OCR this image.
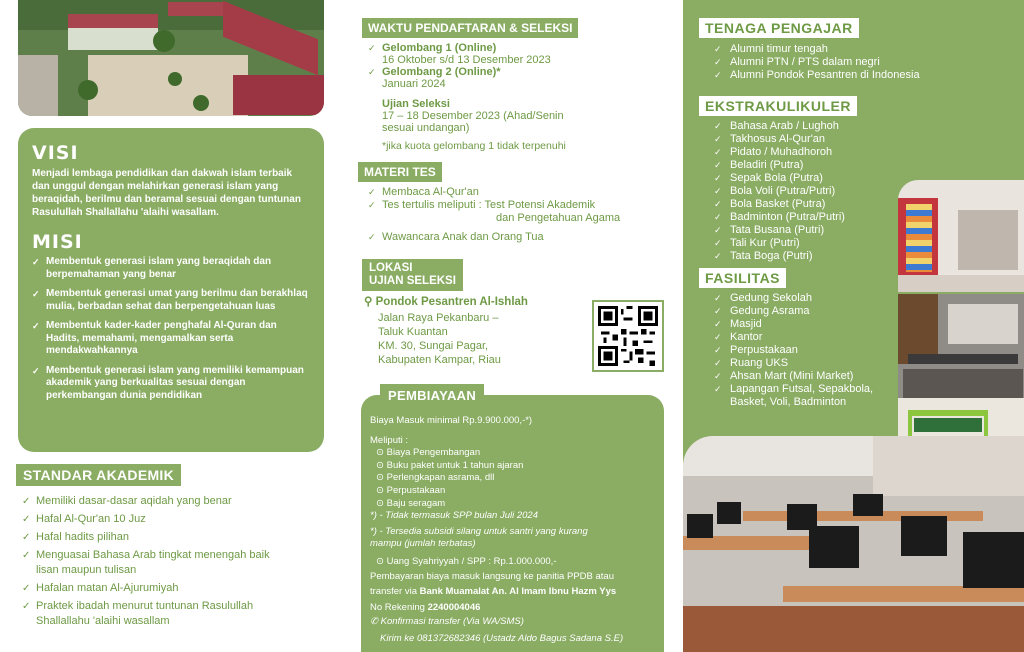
VISI
Menjadi lembaga pendidikan dan dakwah islam terbaik dan unggul dengan melahirkan generasi islam yang beraqidah, berilmu dan beramal sesuai dengan tuntunan Rasulullah Shallallahu 'alaihi wasallam.
MISI
✓ Membentuk generasi islam yang beraqidah dan berpemahaman yang benar
✓ Membentuk generasi umat yang berilmu dan berakhlaq mulia, berbadan sehat dan berpengetahuan luas
✓ Membentuk kader-kader penghafal Al-Quran dan Hadits, memahami, mengamalkan serta mendakwahkannya
✓ Membentuk generasi islam yang memiliki kemampuan akademik yang berkualitas sesuai dengan perkembangan dunia pendidikan
STANDAR AKADEMIK
✓ Memiliki dasar-dasar aqidah yang benar
✓ Hafal Al-Qur'an 10 Juz
✓ Hafal hadits pilihan
✓ Menguasai Bahasa Arab tingkat menengah baik lisan maupun tulisan
✓ Hafalan matan Al-Ajurumiyah
✓ Praktek ibadah menurut tuntunan Rasulullah Shallallahu 'alaihi wasallam
WAKTU PENDAFTARAN & SELEKSI
✓ Gelombang 1 (Online)
16 Oktober s/d 13 Desember 2023
✓ Gelombang 2 (Online)*
Januari 2024
Ujian Seleksi
17 – 18 Desember 2023 (Ahad/Senin
sesuai undangan)
*jika kuota gelombang 1 tidak terpenuhi
MATERI TES
✓ Membaca Al-Qur'an
✓ Tes tertulis meliputi : Test Potensi Akademik
dan Pengetahuan Agama
✓ Wawancara Anak dan Orang Tua
LOKASI
UJIAN SELEKSI
⚲ Pondok Pesantren Al-Ishlah
Jalan Raya Pekanbaru –
Taluk Kuantan
KM. 30, Sungai Pagar,
Kabupaten Kampar, Riau
Biaya Masuk minimal Rp.9.900.000,-*)
Meliputi :
⊙ Biaya Pengembangan
⊙ Buku paket untuk 1 tahun ajaran
⊙ Perlengkapan asrama, dll
⊙ Perpustakaan
⊙ Baju seragam
*) - Tidak termasuk SPP bulan Juli 2024
*) - Tersedia subsidi silang untuk santri yang kurang
mampu (jumlah terbatas)
⊙ Uang Syahriyyah / SPP : Rp.1.000.000,-
Pembayaran biaya masuk langsung ke panitia PPDB atau
transfer via Bank Muamalat An. Al Imam Ibnu Hazm Yys
No Rekening 2240004046
✆ Konfirmasi transfer (Via WA/SMS)
Kirim ke 081372682346 (Ustadz Aldo Bagus Sadana S.E)
PEMBIAYAAN
TENAGA PENGAJAR
✓ Alumni timur tengah
✓ Alumni PTN / PTS dalam negri
✓ Alumni Pondok Pesantren di Indonesia
EKSTRAKULIKULER
✓ Bahasa Arab / Lughoh
✓ Takhosus Al-Qur'an
✓ Pidato / Muhadhoroh
✓ Beladiri (Putra)
✓ Sepak Bola (Putra)
✓ Bola Voli (Putra/Putri)
✓ Bola Basket (Putra)
✓ Badminton (Putra/Putri)
✓ Tata Busana (Putri)
✓ Tali Kur (Putri)
✓ Tata Boga (Putri)
FASILITAS
✓ Gedung Sekolah
✓ Gedung Asrama
✓ Masjid
✓ Kantor
✓ Perpustakaan
✓ Ruang UKS
✓ Ahsan Mart (Mini Market)
✓ Lapangan Futsal, Sepakbola,
Basket, Voli, Badminton
